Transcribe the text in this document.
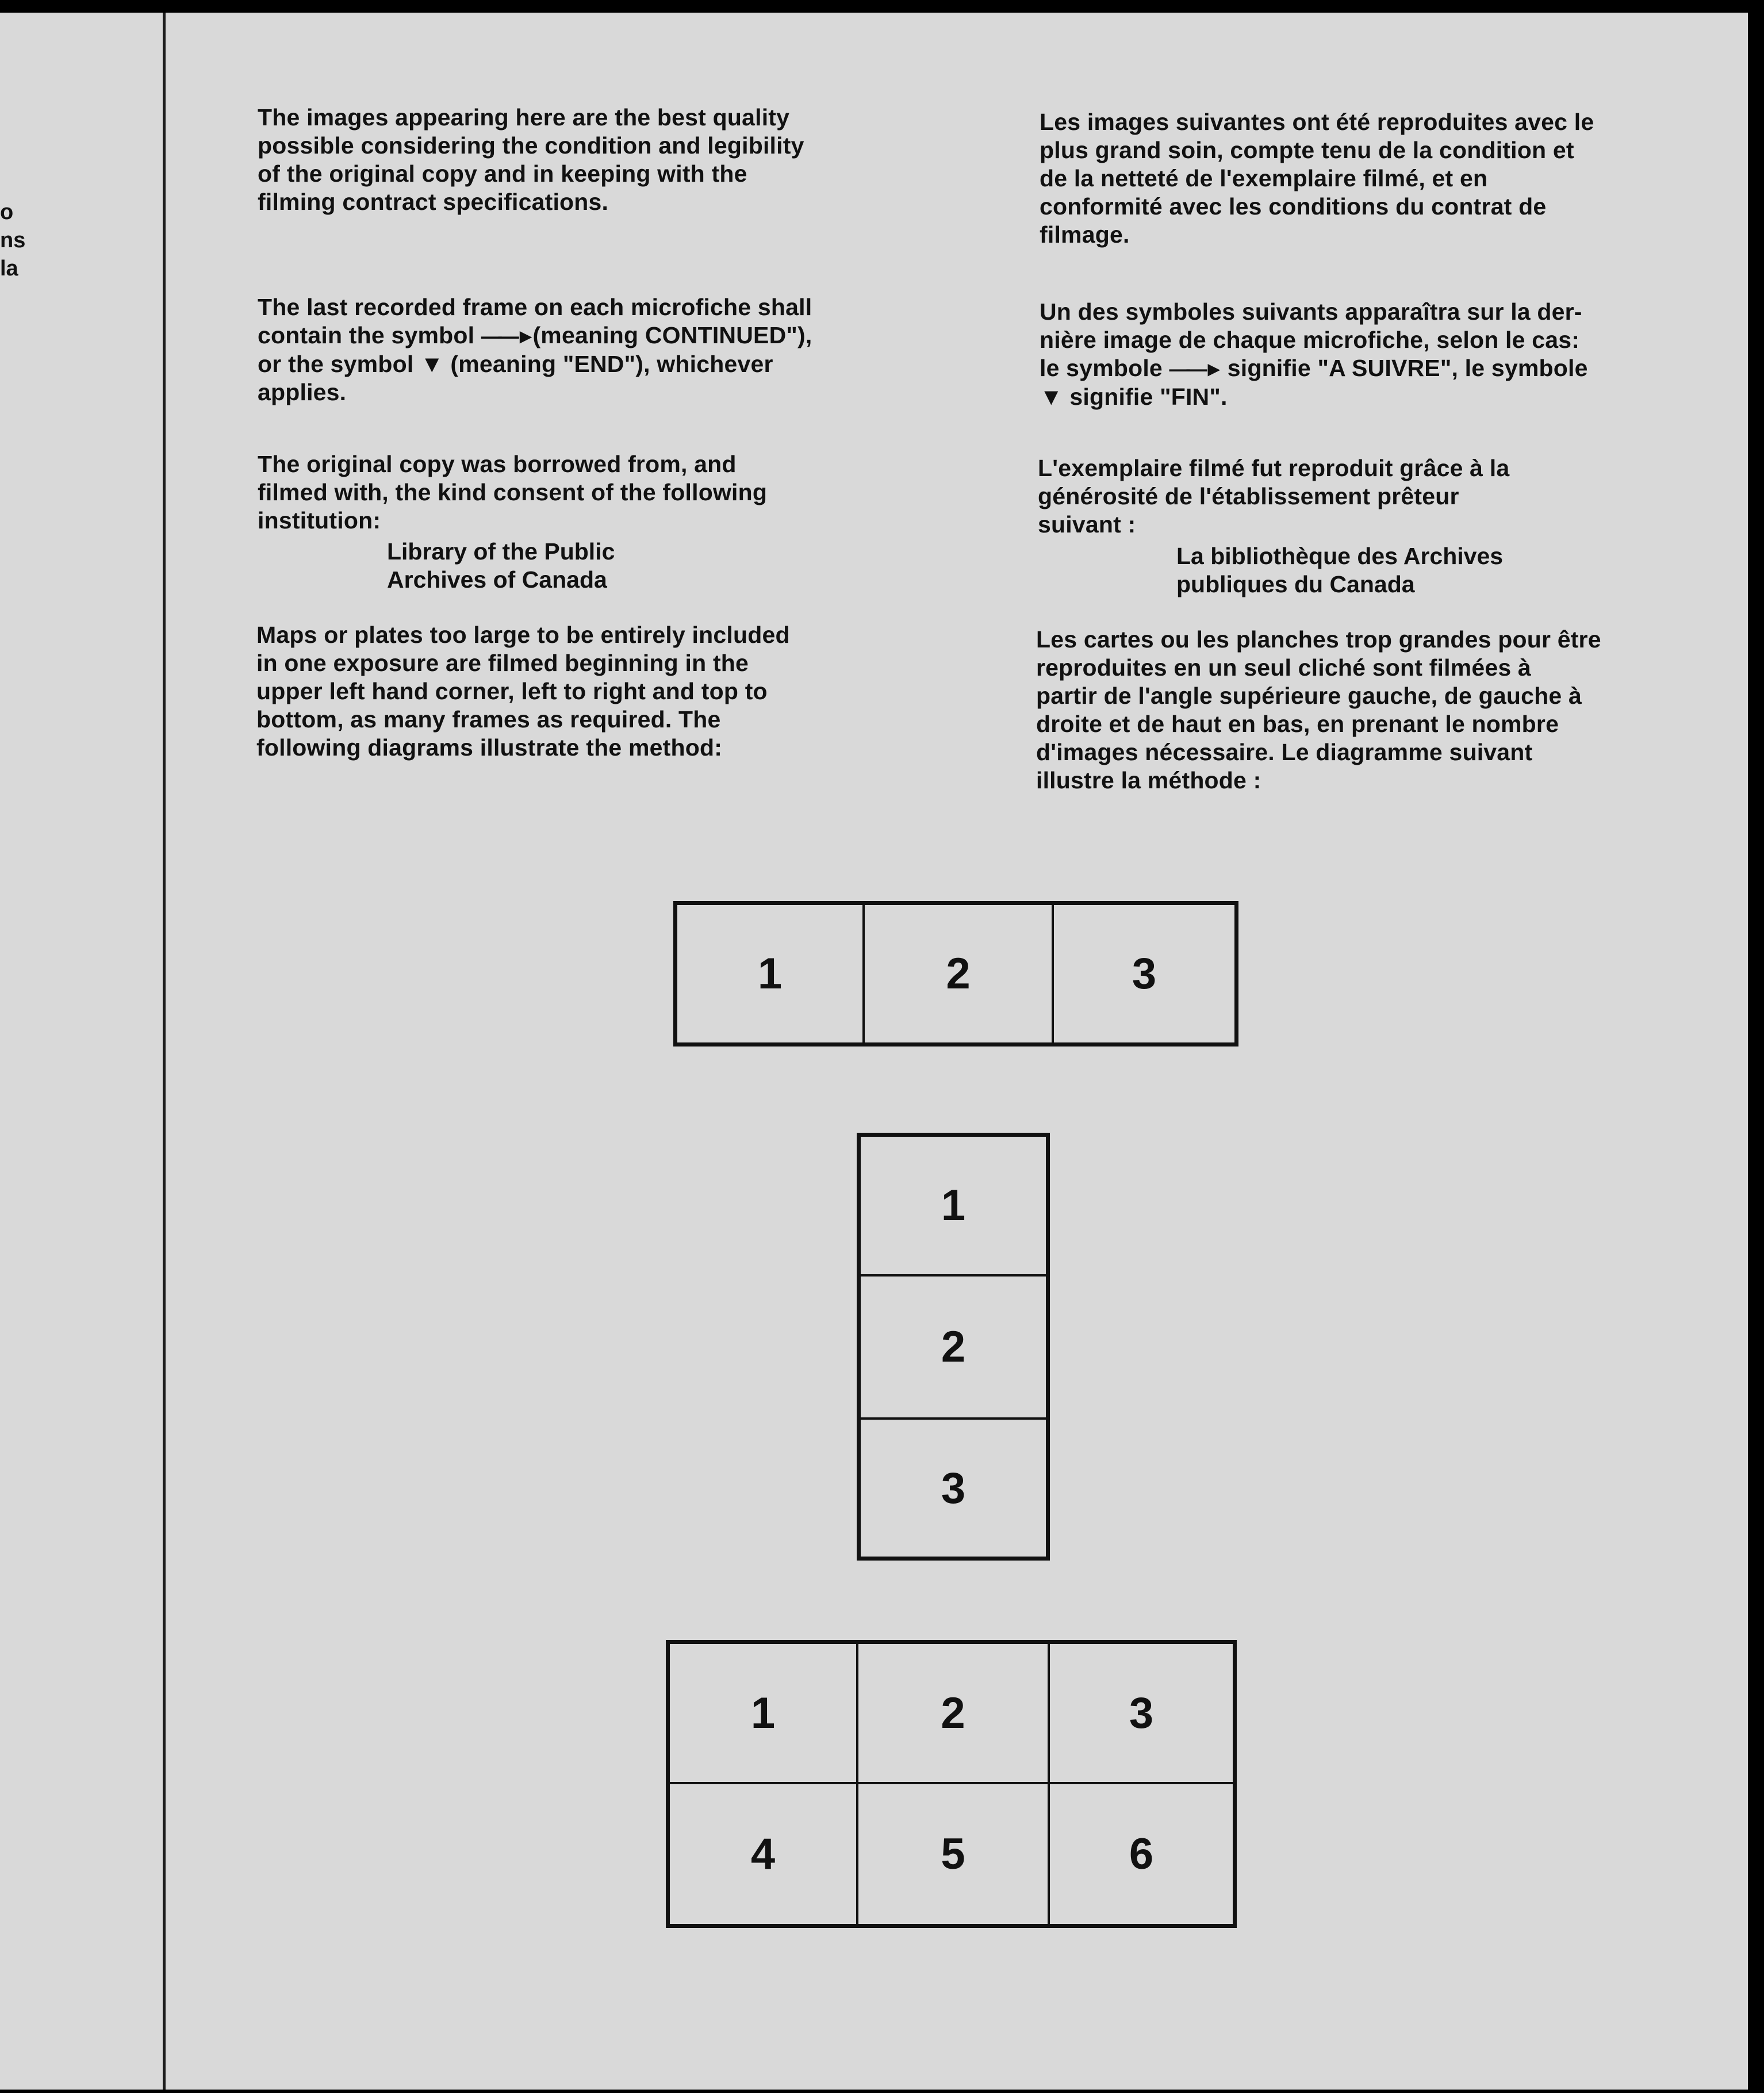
o
ns
la
The images appearing here are the best quality
possible considering the condition and legibility
of the original copy and in keeping with the
filming contract specifications.
The last recorded frame on each microfiche shall
contain the symbol ——►(meaning CONTINUED"),
or the symbol ▼ (meaning "END"), whichever
applies.
The original copy was borrowed from, and
filmed with, the kind consent of the following
institution:
Library of the Public
Archives of Canada
Maps or plates too large to be entirely included
in one exposure are filmed beginning in the
upper left hand corner, left to right and top to
bottom, as many frames as required. The
following diagrams illustrate the method:
Les images suivantes ont été reproduites avec le
plus grand soin, compte tenu de la condition et
de la netteté de l'exemplaire filmé, et en
conformité avec les conditions du contrat de
filmage.
Un des symboles suivants apparaîtra sur la der-
nière image de chaque microfiche, selon le cas:
le symbole ——► signifie "A SUIVRE", le symbole
▼ signifie "FIN".
L'exemplaire filmé fut reproduit grâce à la
générosité de l'établissement prêteur
suivant :
La bibliothèque des Archives
publiques du Canada
Les cartes ou les planches trop grandes pour être
reproduites en un seul cliché sont filmées à
partir de l'angle supérieure gauche, de gauche à
droite et de haut en bas, en prenant le nombre
d'images nécessaire. Le diagramme suivant
illustre la méthode :
1	2	3
1
2
3
1	2	3
4	5	6
